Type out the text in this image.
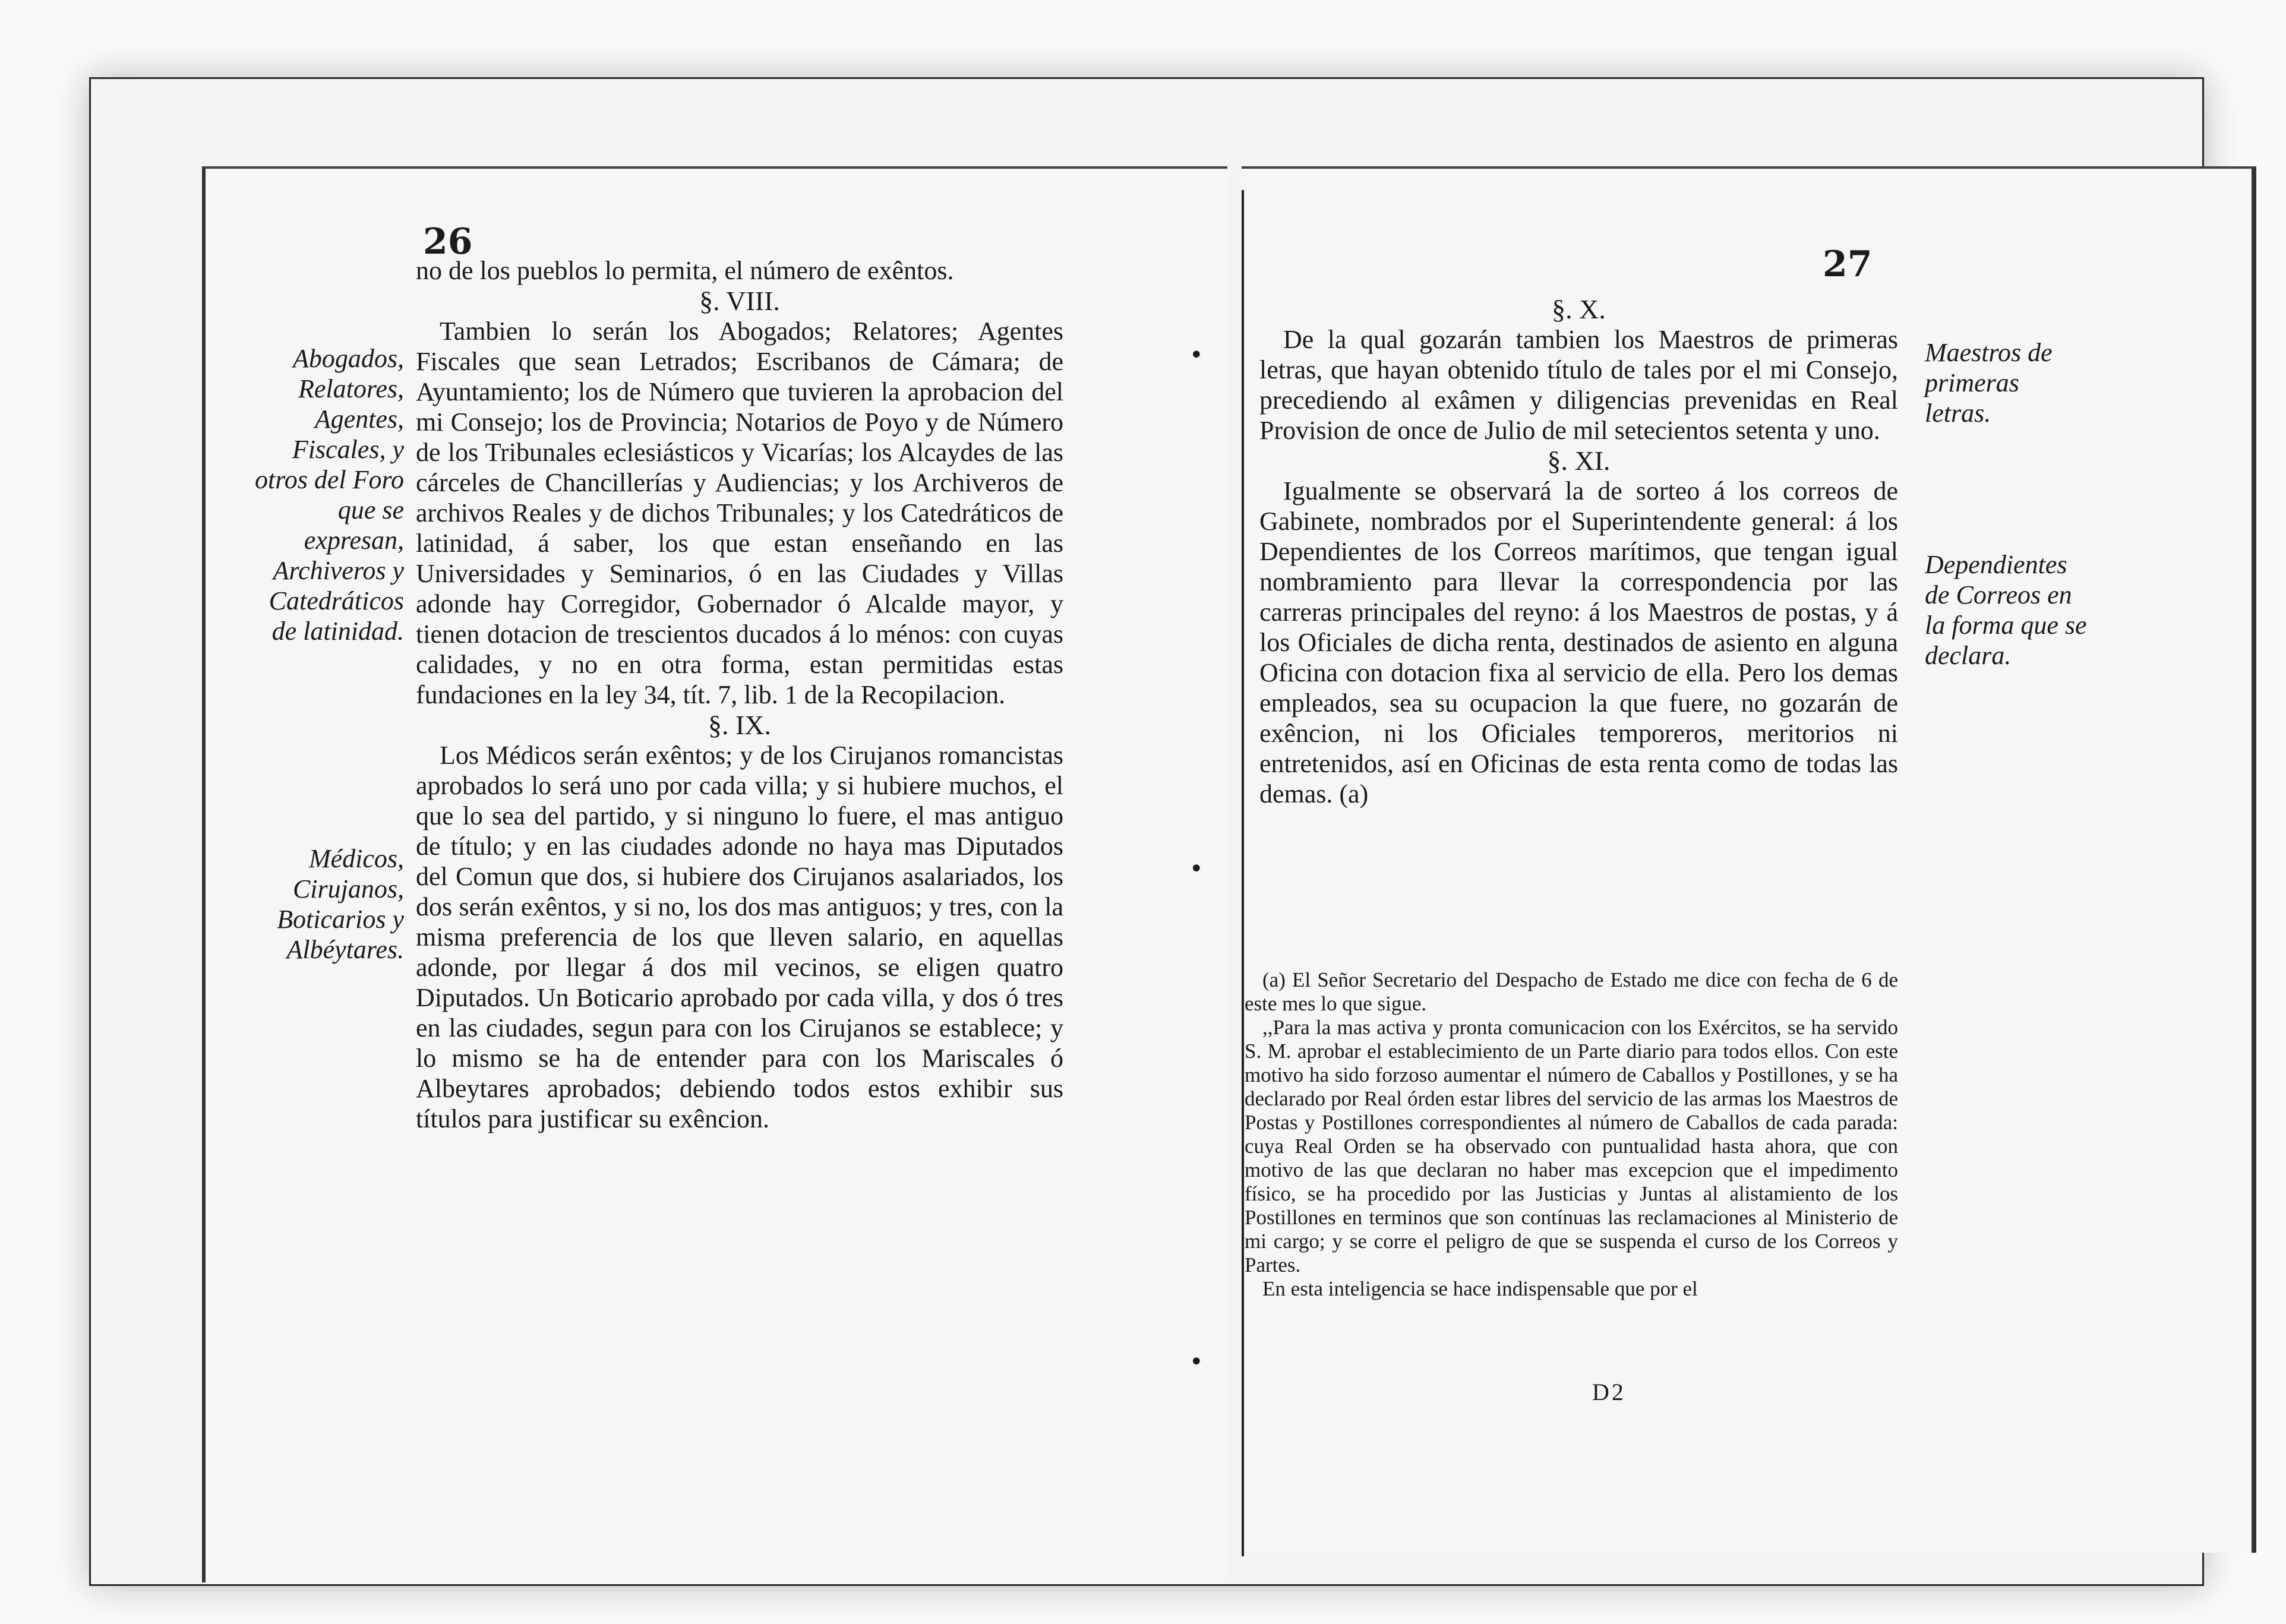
26
Abogados, Relatores, Agentes, Fiscales, y otros del Foro que se expresan, Archiveros y Catedráticos de latinidad.
Médicos, Cirujanos, Boticarios y Albéytares.

no de los pueblos lo permita, el número de exêntos.

§. VIII.

Tambien lo serán los Abogados; Relatores; Agentes Fiscales que sean Letrados; Escribanos de Cámara; de Ayuntamiento; los de Número que tuvieren la aprobacion del mi Consejo; los de Provincia; Notarios de Poyo y de Número de los Tribunales eclesiásticos y Vicarías; los Alcaydes de las cárceles de Chancillerías y Audiencias; y los Archiveros de archivos Reales y de dichos Tribunales; y los Catedráticos de latinidad, á saber, los que estan enseñando en las Universidades y Seminarios, ó en las Ciudades y Villas adonde hay Corregidor, Gobernador ó Alcalde mayor, y tienen dotacion de trescientos ducados á lo ménos: con cuyas calidades, y no en otra forma, estan permitidas estas fundaciones en la ley 34, tít. 7, lib. 1 de la Recopilacion.

§. IX.

Los Médicos serán exêntos; y de los Cirujanos romancistas aprobados lo será uno por cada villa; y si hubiere muchos, el que lo sea del partido, y si ninguno lo fuere, el mas antiguo de título; y en las ciudades adonde no haya mas Diputados del Comun que dos, si hubiere dos Cirujanos asalariados, los dos serán exêntos, y si no, los dos mas antiguos; y tres, con la misma preferencia de los que lleven salario, en aquellas adonde, por llegar á dos mil vecinos, se eligen quatro Diputados. Un Boticario aprobado por cada villa, y dos ó tres en las ciudades, segun para con los Cirujanos se establece; y lo mismo se ha de entender para con los Mariscales ó Albeytares aprobados; debiendo todos estos exhibir sus títulos para justificar su exêncion.

27
•
•
•

§. X.

De la qual gozarán tambien los Maestros de primeras letras, que hayan obtenido título de tales por el mi Consejo, precediendo al exâmen y diligencias prevenidas en Real Provision de once de Julio de mil setecientos setenta y uno.

§. XI.

Igualmente se observará la de sorteo á los correos de Gabinete, nombrados por el Superintendente general: á los Dependientes de los Correos marítimos, que tengan igual nombramiento para llevar la correspondencia por las carreras principales del reyno: á los Maestros de postas, y á los Oficiales de dicha renta, destinados de asiento en alguna Oficina con dotacion fixa al servicio de ella. Pero los demas empleados, sea su ocupacion la que fuere, no gozarán de exêncion, ni los Oficiales temporeros, meritorios ni entretenidos, así en Oficinas de esta renta como de todas las demas. (a)

Maestros de primeras letras.
Dependientes de Correos en la forma que se declara.

(a) El Señor Secretario del Despacho de Estado me dice con fecha de 6 de este mes lo que sigue.

,,Para la mas activa y pronta comunicacion con los Exércitos, se ha servido S. M. aprobar el establecimiento de un Parte diario para todos ellos. Con este motivo ha sido forzoso aumentar el número de Caballos y Postillones, y se ha declarado por Real órden estar libres del servicio de las armas los Maestros de Postas y Postillones correspondientes al número de Caballos de cada parada: cuya Real Orden se ha observado con puntualidad hasta ahora, que con motivo de las que declaran no haber mas excepcion que el impedimento físico, se ha procedido por las Justicias y Juntas al alistamiento de los Postillones en terminos que son contínuas las reclamaciones al Ministerio de mi cargo; y se corre el peligro de que se suspenda el curso de los Correos y Partes.

En esta inteligencia se hace indispensable que por el

D2
